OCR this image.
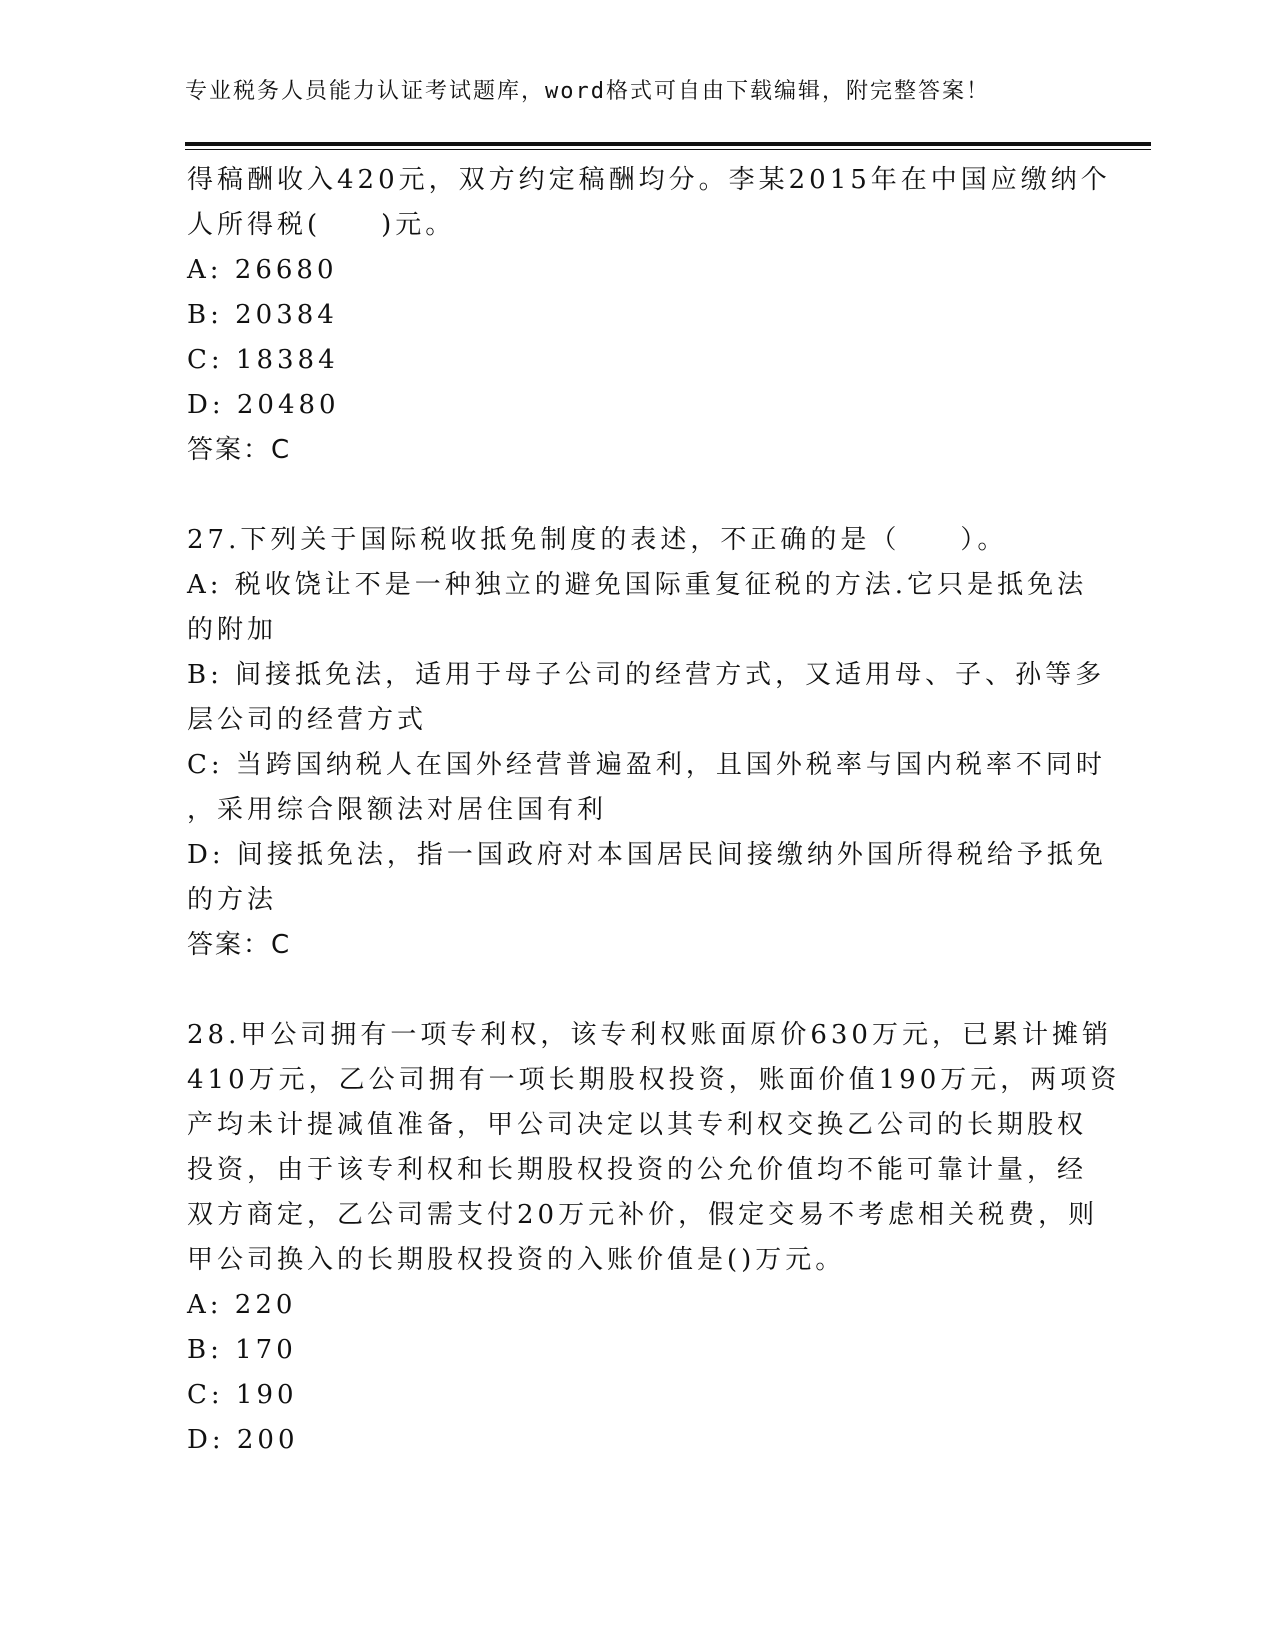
专业税务人员能力认证考试题库，word格式可自由下载编辑，附完整答案！
得稿酬收入420元，双方约定稿酬均分。李某2015年在中国应缴纳个
人所得税(　　)元。
A: 26680
B: 20384
C: 18384
D: 20480
答案：C
27.下列关于国际税收抵免制度的表述，不正确的是（　　）。
A: 税收饶让不是一种独立的避免国际重复征税的方法.它只是抵免法
的附加
B: 间接抵免法，适用于母子公司的经营方式，又适用母、子、孙等多
层公司的经营方式
C: 当跨国纳税人在国外经营普遍盈利，且国外税率与国内税率不同时
，采用综合限额法对居住国有利
D: 间接抵免法，指一国政府对本国居民间接缴纳外国所得税给予抵免
的方法
答案：C
28.甲公司拥有一项专利权，该专利权账面原价630万元，已累计摊销
410万元，乙公司拥有一项长期股权投资，账面价值190万元，两项资
产均未计提减值准备，甲公司决定以其专利权交换乙公司的长期股权
投资，由于该专利权和长期股权投资的公允价值均不能可靠计量，经
双方商定，乙公司需支付20万元补价，假定交易不考虑相关税费，则
甲公司换入的长期股权投资的入账价值是()万元。
A: 220
B: 170
C: 190
D: 200
